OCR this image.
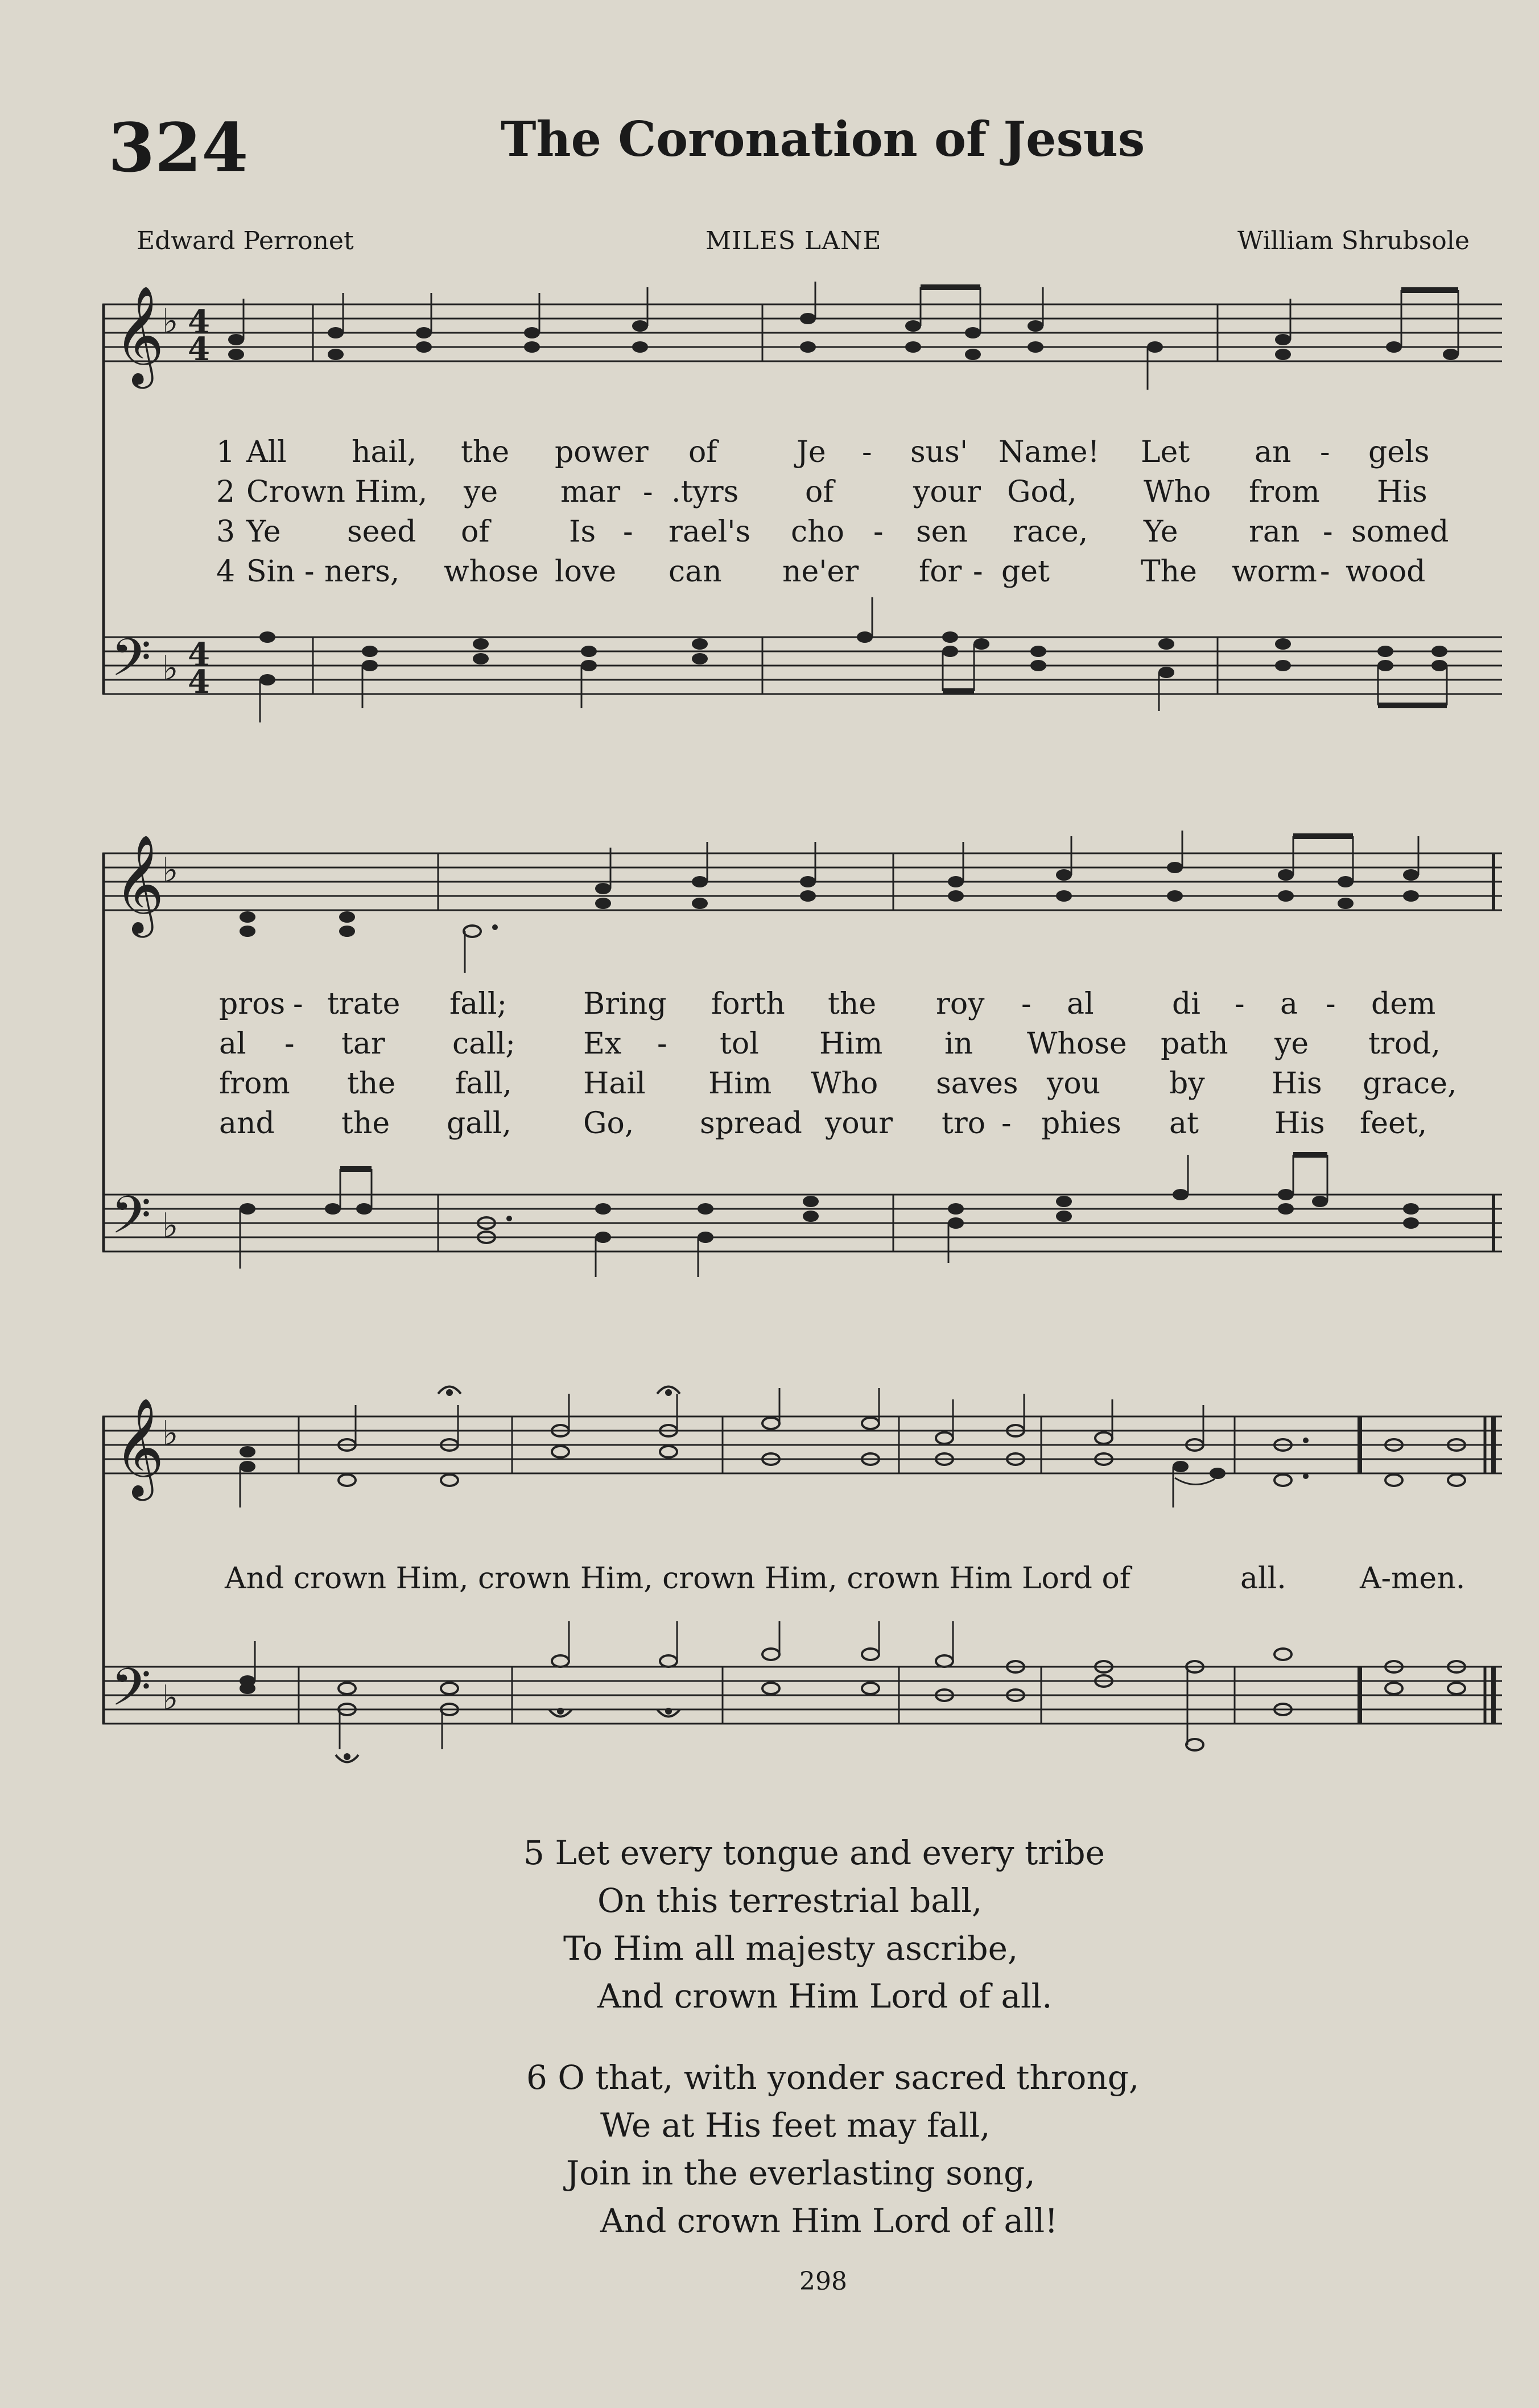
324	The Coronation of Jesus
Edward Perronet	MILES LANE	William Shrubsole
𝄞
♭ 4
4
1 All hail, the power of	Je - sus' Name! Let an - gels
2 Crown Him, ye mar - .tyrs of	your God, Who from His
3 Ye seed of	Is - rael's cho - sen race, Ye ran - somed
4 Sin - ners, whose love can ne'er for - get	The worm - wood
𝄢 ♭ 4
4
𝄞
♭
pros - trate fall;	Bring forth the roy - al	di - a - dem
al - tar call; Ex - tol Him in Whose path ye trod,
from the fall, Hail Him Who saves you by His grace,
and the gall, Go, spread your tro - phies at	His feet,
𝄢 ♭
𝄞
♭
And crown Him, crown Him, crown Him, crown Him Lord of	all. A-men.
𝄢 ♭
5 Let every tongue and every tribe
On this terrestrial ball,
To Him all majesty ascribe,
And crown Him Lord of all.
6 O that, with yonder sacred throng,
We at His feet may fall,
Join in the everlasting song,
And crown Him Lord of all!
298
